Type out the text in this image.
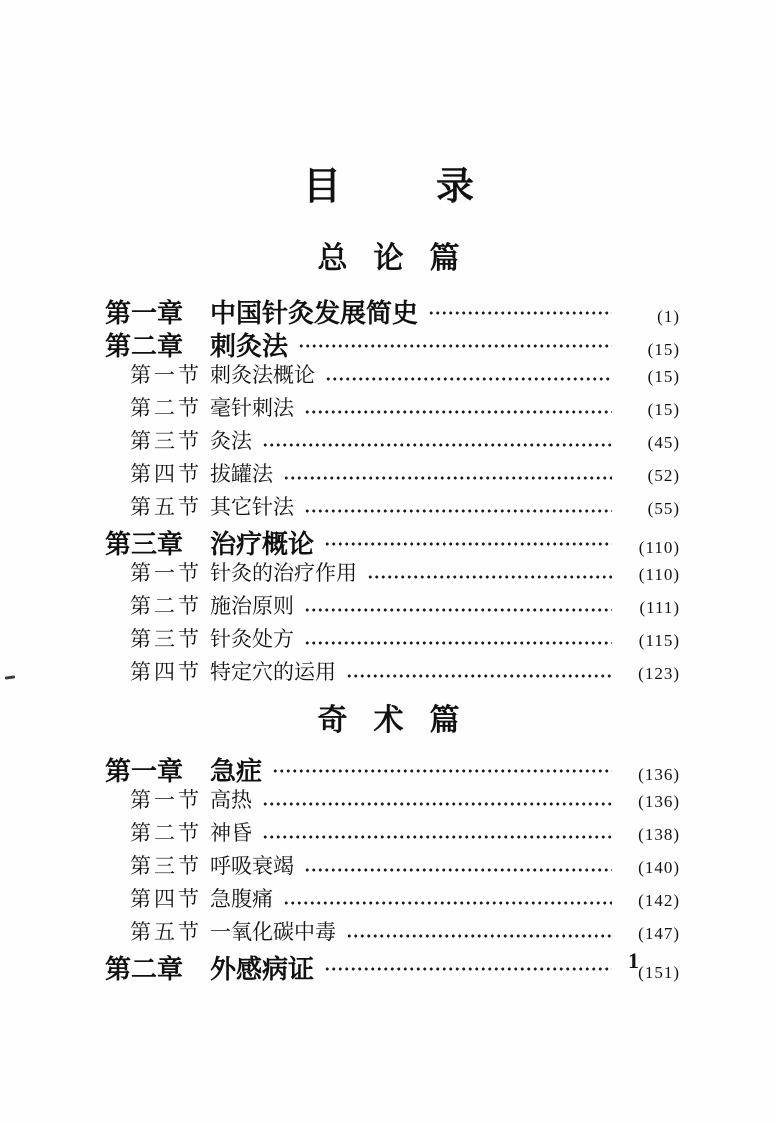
目录
总论篇
第一章	中国针灸发展简史	(1)
第二章	刺灸法	(15)
第一节 刺灸法概论	(15)
第二节 毫针刺法	(15)
第三节 灸法	(45)
第四节 拔罐法	(52)
第五节 其它针法	(55)
第三章	治疗概论	(110)
第一节 针灸的治疗作用	(110)
第二节 施治原则	(111)
第三节 针灸处方	(115)
第四节 特定穴的运用	(123)
奇术篇
第一章	急症	(136)
第一节 高热	(136)
第二节 神昏	(138)
第三节 呼吸衰竭	(140)
第四节 急腹痛	(142)
第五节 一氧化碳中毒	(147)
第二章	外感病证	(151)
1
